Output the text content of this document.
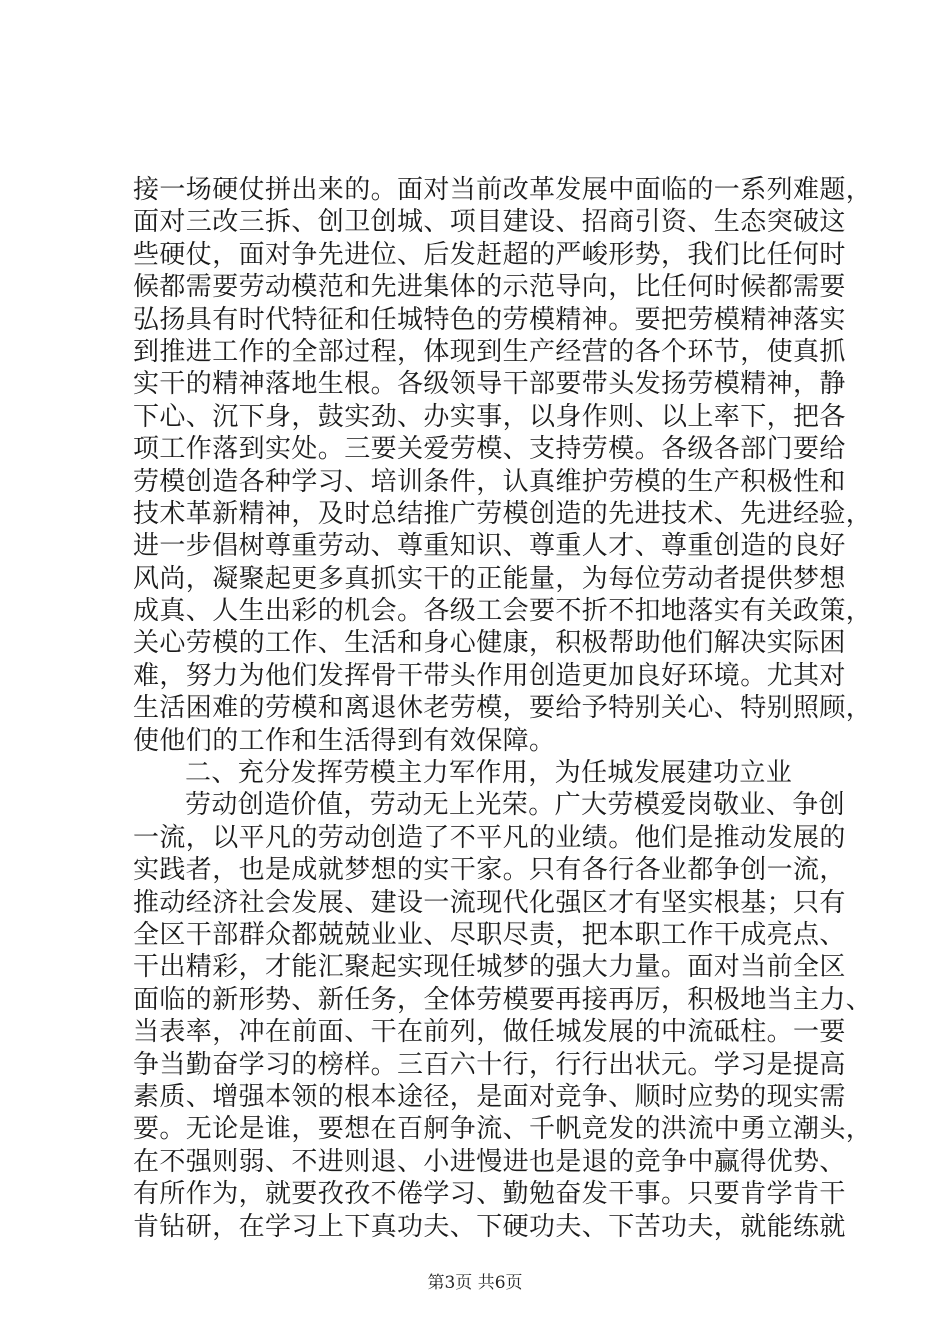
接一场硬仗拼出来的。面对当前改革发展中面临的一系列难题，
面对三改三拆、创卫创城、项目建设、招商引资、生态突破这
些硬仗，面对争先进位、后发赶超的严峻形势，我们比任何时
候都需要劳动模范和先进集体的示范导向，比任何时候都需要
弘扬具有时代特征和任城特色的劳模精神。要把劳模精神落实
到推进工作的全部过程，体现到生产经营的各个环节，使真抓
实干的精神落地生根。各级领导干部要带头发扬劳模精神，静
下心、沉下身，鼓实劲、办实事，以身作则、以上率下，把各
项工作落到实处。三要关爱劳模、支持劳模。各级各部门要给
劳模创造各种学习、培训条件，认真维护劳模的生产积极性和
技术革新精神，及时总结推广劳模创造的先进技术、先进经验，
进一步倡树尊重劳动、尊重知识、尊重人才、尊重创造的良好
风尚，凝聚起更多真抓实干的正能量，为每位劳动者提供梦想
成真、人生出彩的机会。各级工会要不折不扣地落实有关政策，
关心劳模的工作、生活和身心健康，积极帮助他们解决实际困
难，努力为他们发挥骨干带头作用创造更加良好环境。尤其对
生活困难的劳模和离退休老劳模，要给予特别关心、特别照顾，
使他们的工作和生活得到有效保障。
二、充分发挥劳模主力军作用，为任城发展建功立业
劳动创造价值，劳动无上光荣。广大劳模爱岗敬业、争创
一流，以平凡的劳动创造了不平凡的业绩。他们是推动发展的
实践者，也是成就梦想的实干家。只有各行各业都争创一流，
推动经济社会发展、建设一流现代化强区才有坚实根基；只有
全区干部群众都兢兢业业、尽职尽责，把本职工作干成亮点、
干出精彩，才能汇聚起实现任城梦的强大力量。面对当前全区
面临的新形势、新任务，全体劳模要再接再厉，积极地当主力、
当表率，冲在前面、干在前列，做任城发展的中流砥柱。一要
争当勤奋学习的榜样。三百六十行，行行出状元。学习是提高
素质、增强本领的根本途径，是面对竞争、顺时应势的现实需
要。无论是谁，要想在百舸争流、千帆竞发的洪流中勇立潮头，
在不强则弱、不进则退、小进慢进也是退的竞争中赢得优势、
有所作为，就要孜孜不倦学习、勤勉奋发干事。只要肯学肯干
肯钻研，在学习上下真功夫、下硬功夫、下苦功夫，就能练就
第3页 共6页
